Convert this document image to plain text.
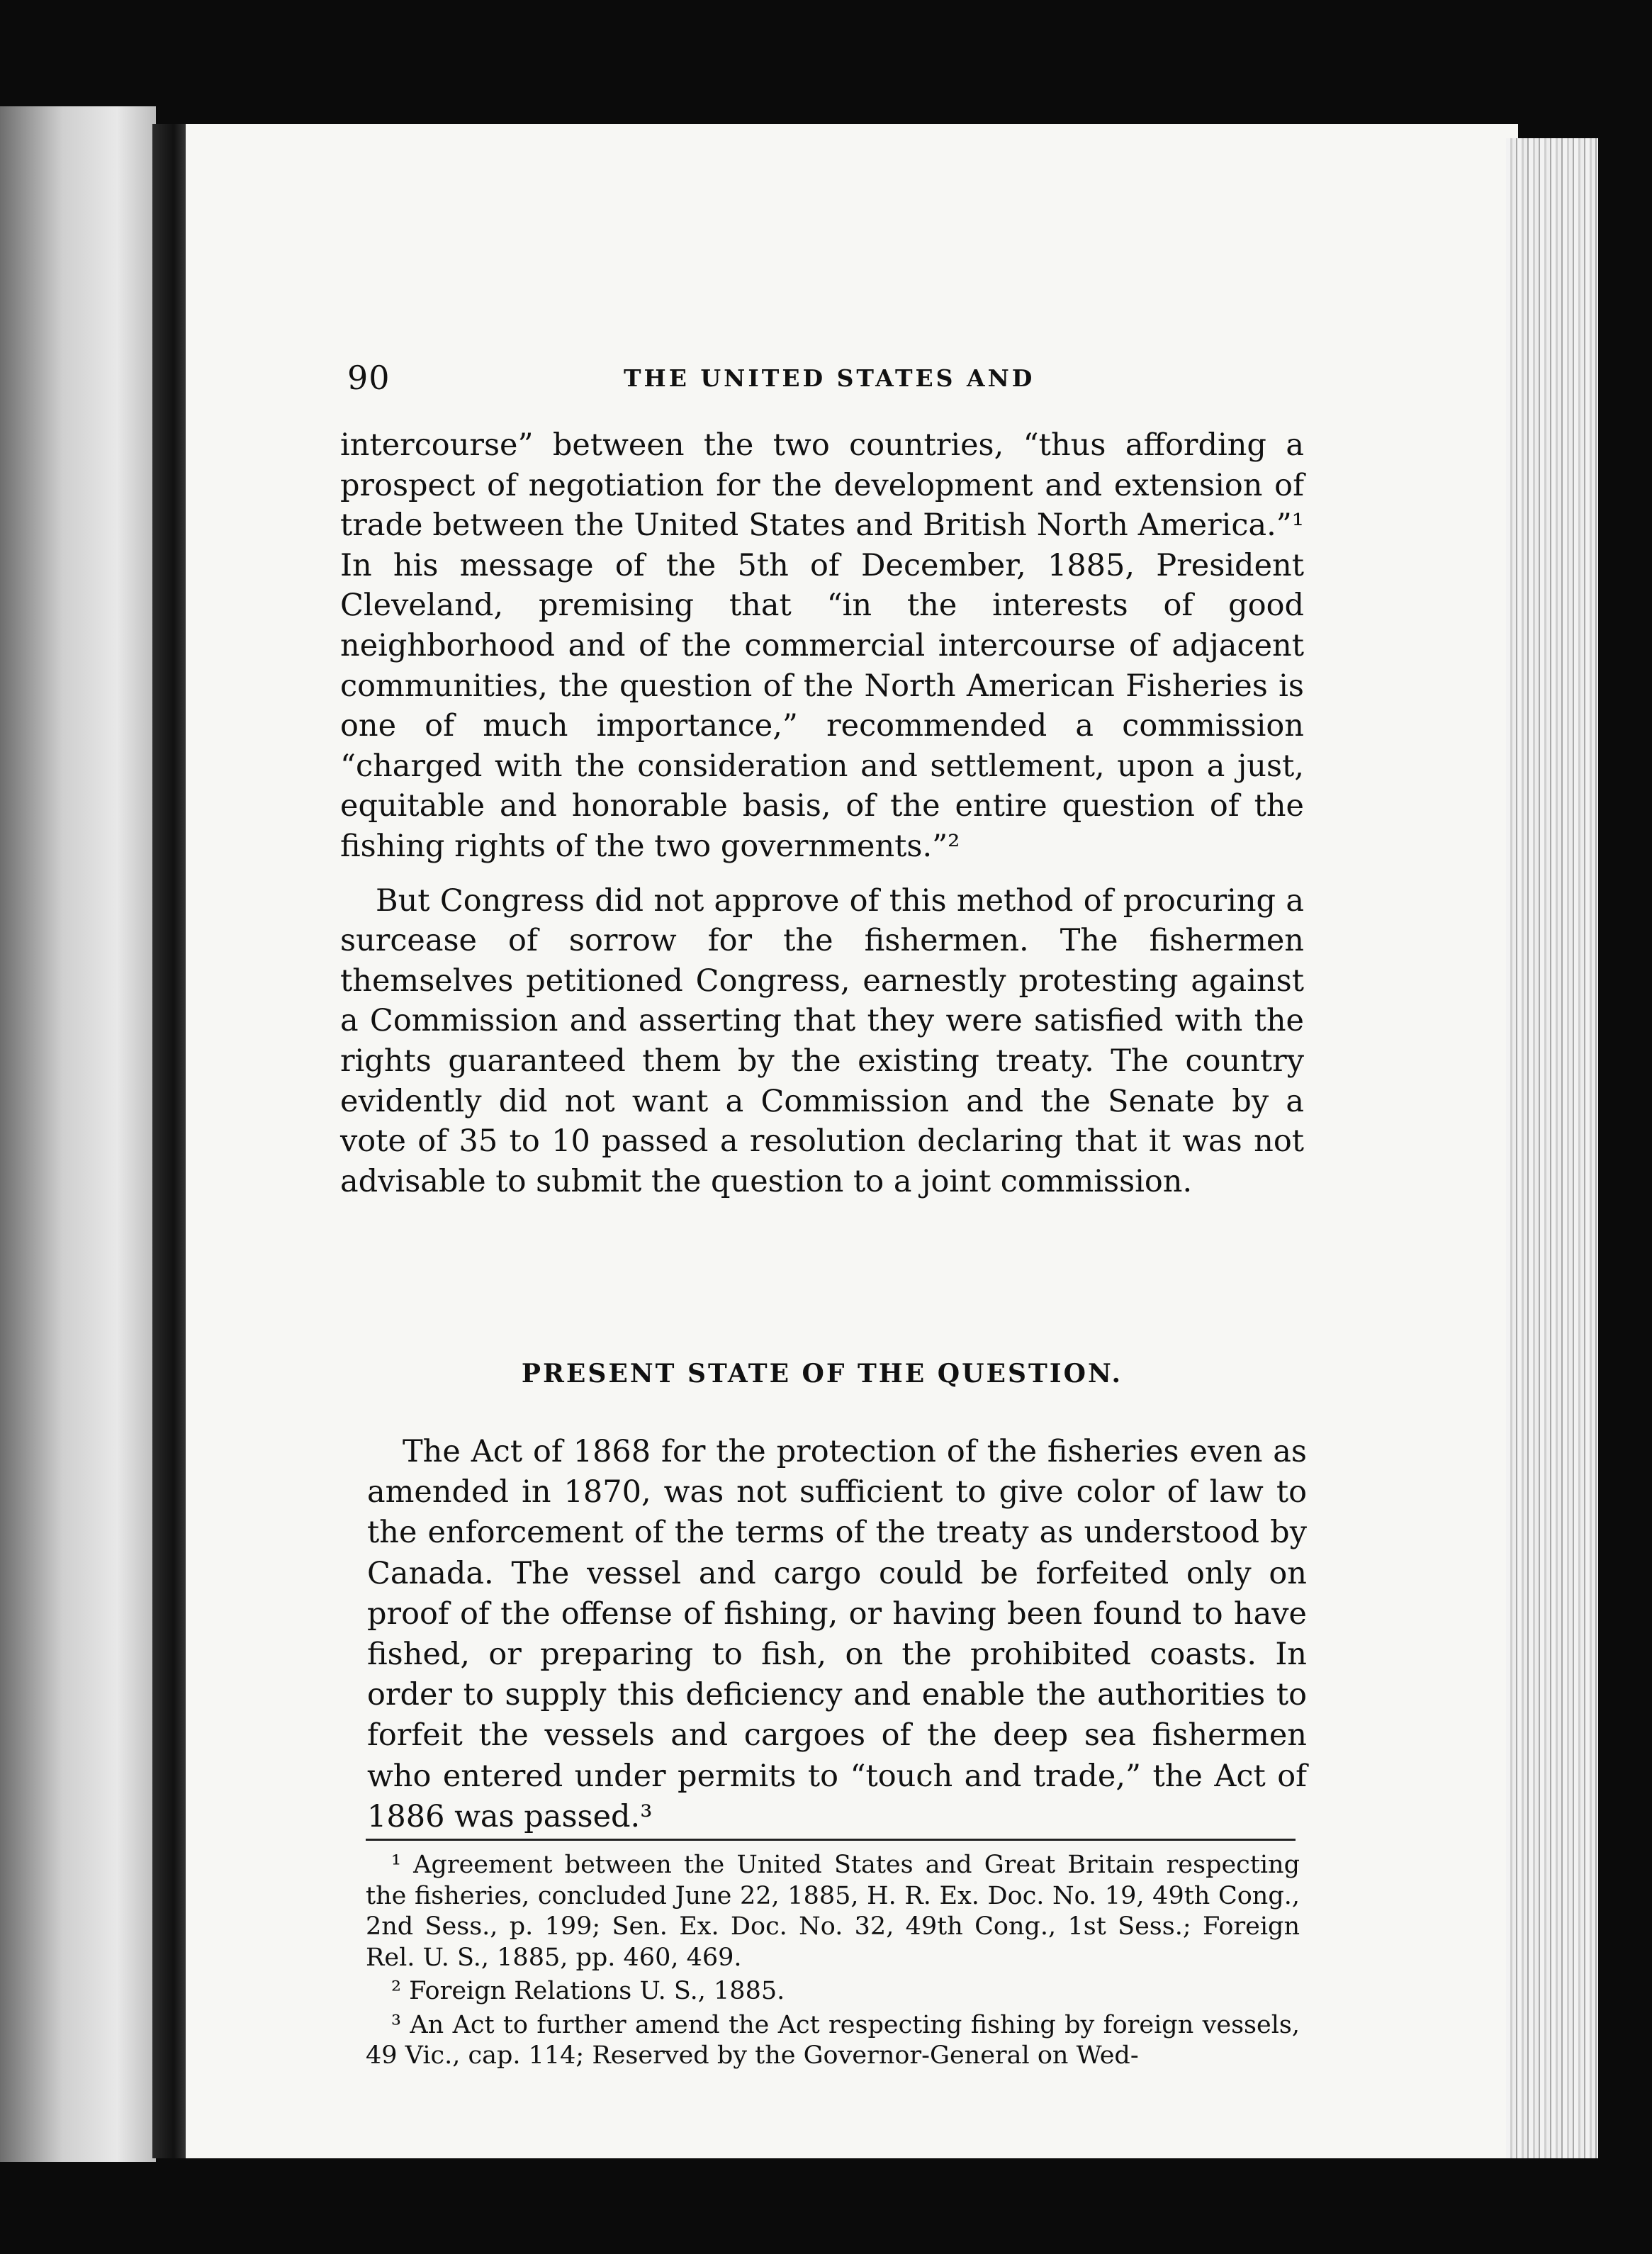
90	THE UNITED STATES AND

intercourse” between the two countries, “thus affording a prospect of negotiation for the development and extension of trade between the United States and British North America.”¹ In his message of the 5th of December, 1885, President Cleveland, premising that “in the interests of good neighborhood and of the commercial intercourse of adjacent communities, the question of the North American Fisheries is one of much importance,” recommended a commission “charged with the consideration and settlement, upon a just, equitable and honorable basis, of the entire question of the fishing rights of the two governments.”²

But Congress did not approve of this method of procuring a surcease of sorrow for the fishermen. The fishermen themselves petitioned Congress, earnestly protesting against a Commission and asserting that they were satisfied with the rights guaranteed them by the existing treaty. The country evidently did not want a Commission and the Senate by a vote of 35 to 10 passed a resolution declaring that it was not advisable to submit the question to a joint commission.

PRESENT STATE OF THE QUESTION.

The Act of 1868 for the protection of the fisheries even as amended in 1870, was not sufficient to give color of law to the enforcement of the terms of the treaty as understood by Canada. The vessel and cargo could be forfeited only on proof of the offense of fishing, or having been found to have fished, or preparing to fish, on the prohibited coasts. In order to supply this deficiency and enable the authorities to forfeit the vessels and cargoes of the deep sea fishermen who entered under permits to “touch and trade,” the Act of 1886 was passed.³

¹ Agreement between the United States and Great Britain respecting the fisheries, concluded June 22, 1885, H. R. Ex. Doc. No. 19, 49th Cong., 2nd Sess., p. 199; Sen. Ex. Doc. No. 32, 49th Cong., 1st Sess.; Foreign Rel. U. S., 1885, pp. 460, 469.

² Foreign Relations U. S., 1885.

³ An Act to further amend the Act respecting fishing by foreign vessels, 49 Vic., cap. 114; Reserved by the Governor-General on Wed-
